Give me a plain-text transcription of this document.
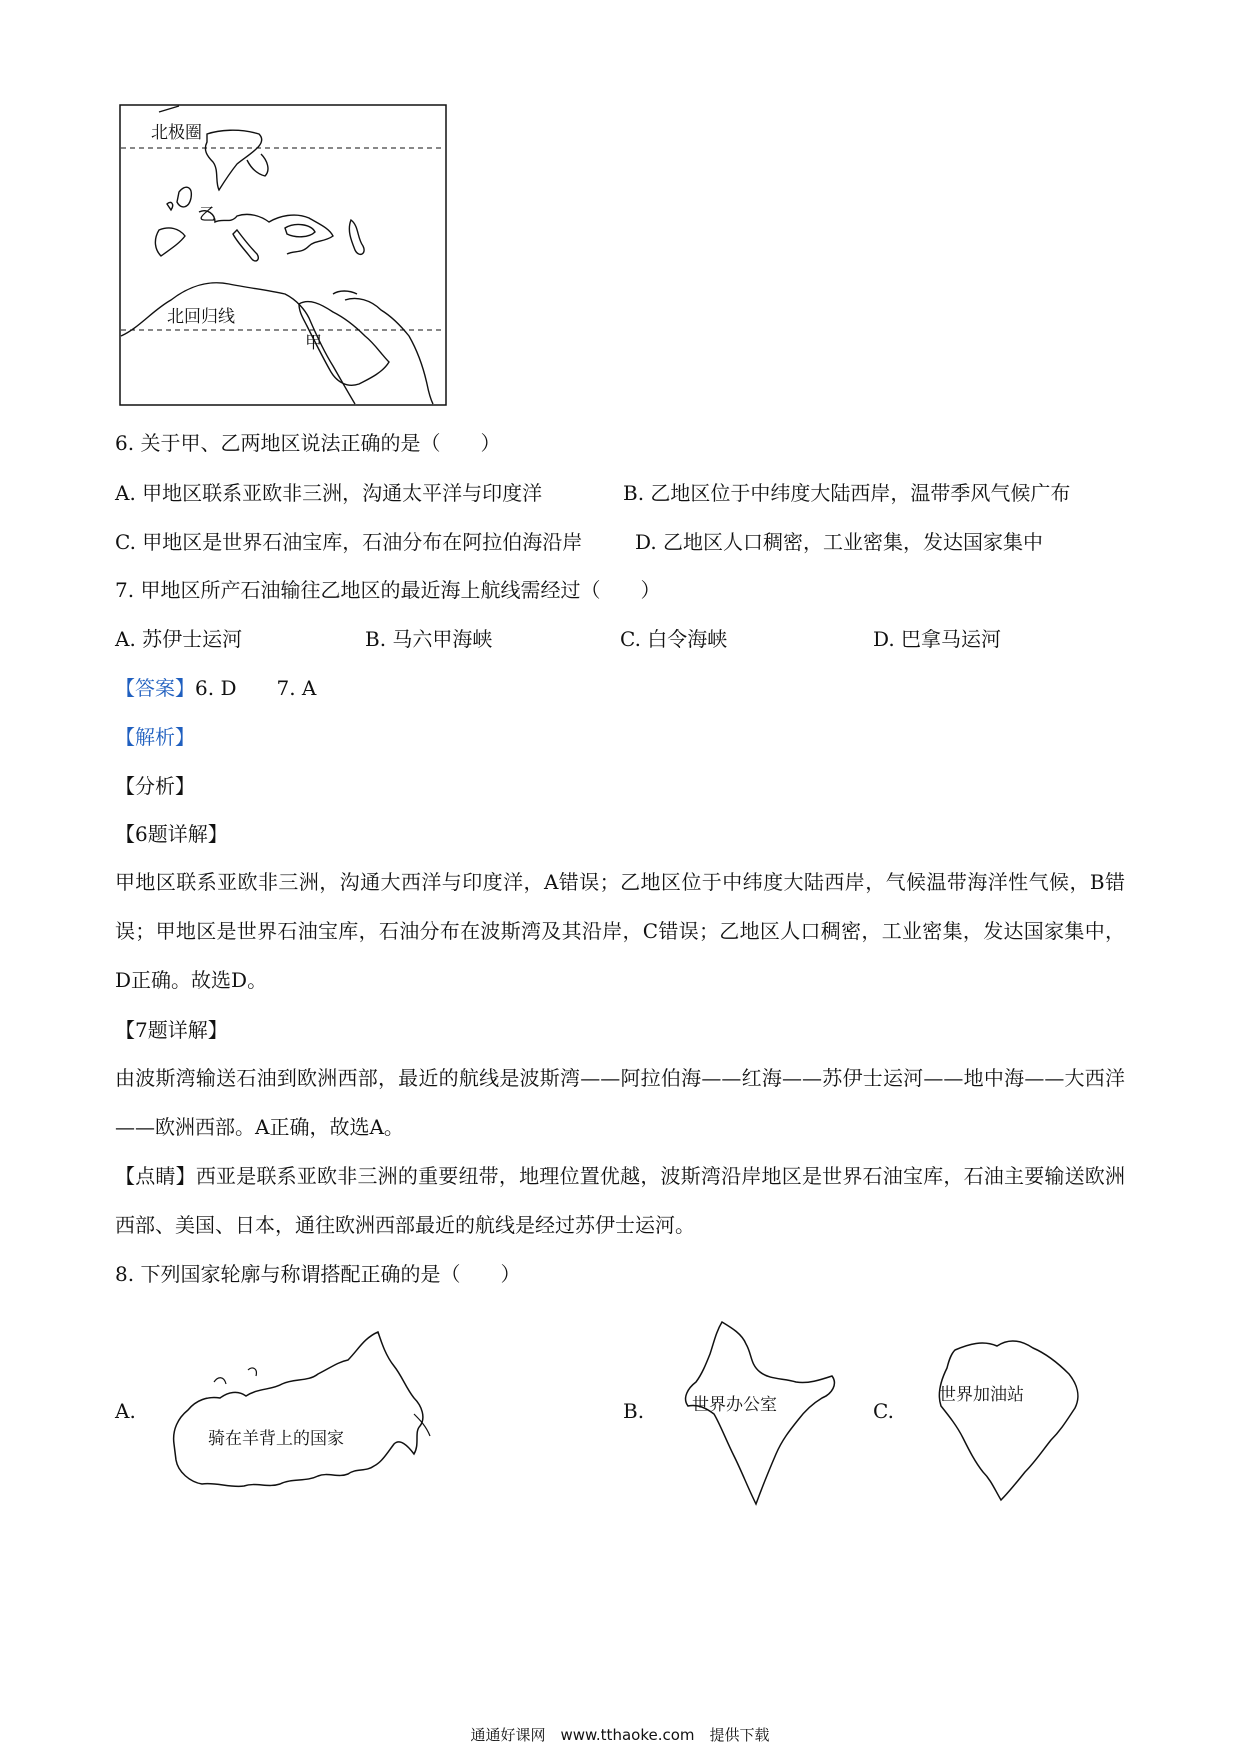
北极圈
北回归线
乙
甲
6. 关于甲、乙两地区说法正确的是（　　）
A. 甲地区联系亚欧非三洲，沟通太平洋与印度洋	B. 乙地区位于中纬度大陆西岸，温带季风气候广布
C. 甲地区是世界石油宝库，石油分布在阿拉伯海沿岸	D. 乙地区人口稠密，工业密集，发达国家集中
7. 甲地区所产石油输往乙地区的最近海上航线需经过（　　）
A. 苏伊士运河	B. 马六甲海峡	C. 白令海峡	D. 巴拿马运河
【答案】6. D　　7. A
【解析】
【分析】
【6题详解】
甲地区联系亚欧非三洲，沟通大西洋与印度洋，A错误；乙地区位于中纬度大陆西岸，气候温带海洋性气候，B错误；甲地区是世界石油宝库，石油分布在波斯湾及其沿岸，C错误；乙地区人口稠密，工业密集，发达国家集中，D正确。故选D。
【7题详解】
由波斯湾输送石油到欧洲西部，最近的航线是波斯湾——阿拉伯海——红海——苏伊士运河——地中海——大西洋——欧洲西部。A正确，故选A。
【点睛】西亚是联系亚欧非三洲的重要纽带，地理位置优越，波斯湾沿岸地区是世界石油宝库，石油主要输送欧洲西部、美国、日本，通往欧洲西部最近的航线是经过苏伊士运河。
8. 下列国家轮廓与称谓搭配正确的是（　　）
A.
骑在羊背上的国家
B.	世界办公室	C.
世界加油站
通通好课网　www.tthaoke.com　提供下载
